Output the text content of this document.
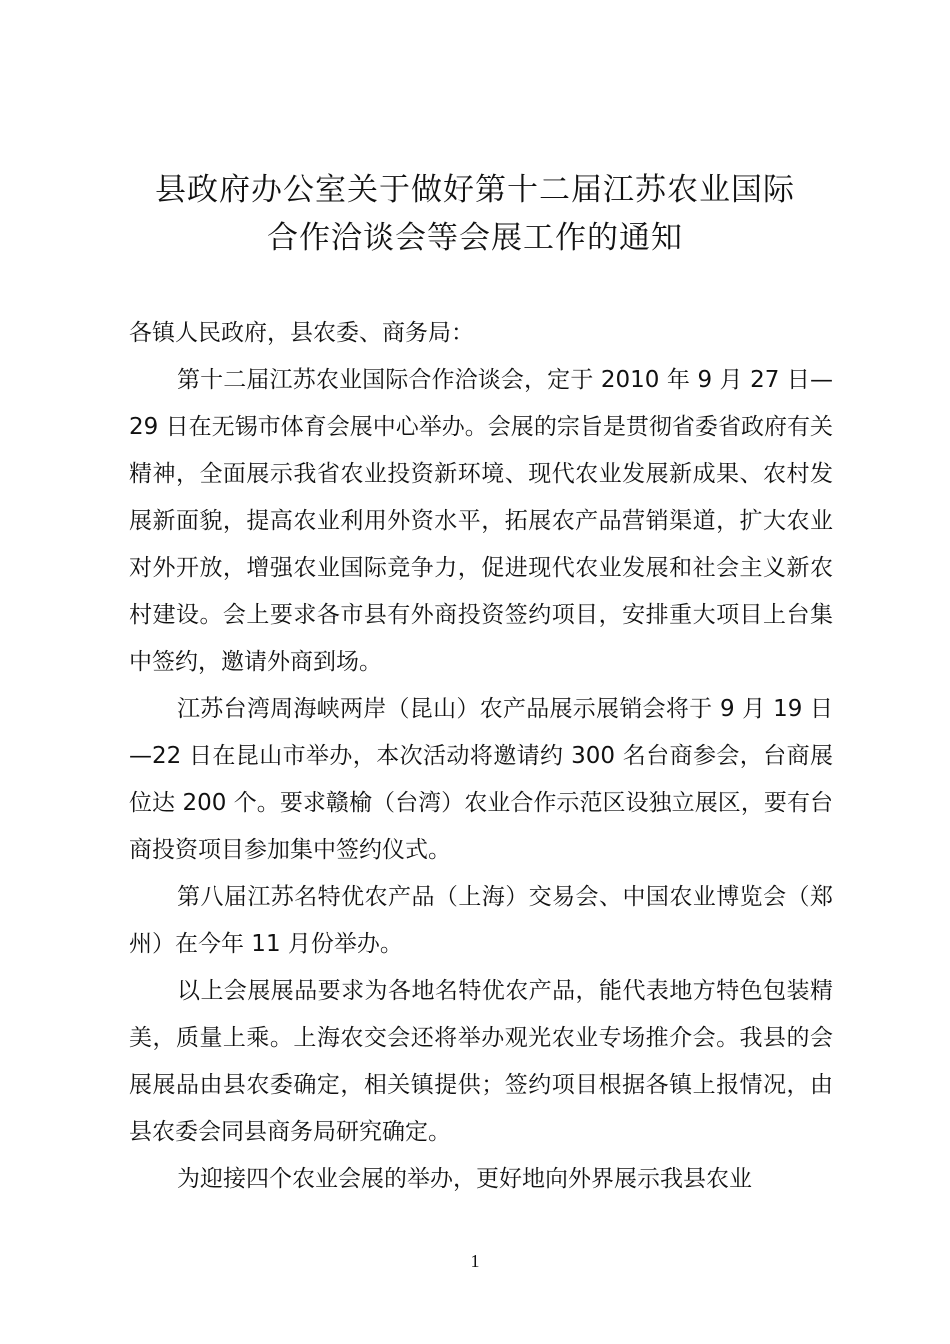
县政府办公室关于做好第十二届江苏农业国际
合作洽谈会等会展工作的通知

各镇人民政府，县农委、商务局：

第十二届江苏农业国际合作洽谈会，定于 2010 年 9 月 27 日—29 日在无锡市体育会展中心举办。会展的宗旨是贯彻省委省政府有关精神，全面展示我省农业投资新环境、现代农业发展新成果、农村发展新面貌，提高农业利用外资水平，拓展农产品营销渠道，扩大农业对外开放，增强农业国际竞争力，促进现代农业发展和社会主义新农村建设。会上要求各市县有外商投资签约项目，安排重大项目上台集中签约，邀请外商到场。

江苏台湾周海峡两岸（昆山）农产品展示展销会将于 9 月 19 日—22 日在昆山市举办，本次活动将邀请约 300 名台商参会，台商展位达 200 个。要求赣榆（台湾）农业合作示范区设独立展区，要有台商投资项目参加集中签约仪式。

第八届江苏名特优农产品（上海）交易会、中国农业博览会（郑州）在今年 11 月份举办。

以上会展展品要求为各地名特优农产品，能代表地方特色包装精美，质量上乘。上海农交会还将举办观光农业专场推介会。我县的会展展品由县农委确定，相关镇提供；签约项目根据各镇上报情况，由县农委会同县商务局研究确定。

为迎接四个农业会展的举办，更好地向外界展示我县农业

1
